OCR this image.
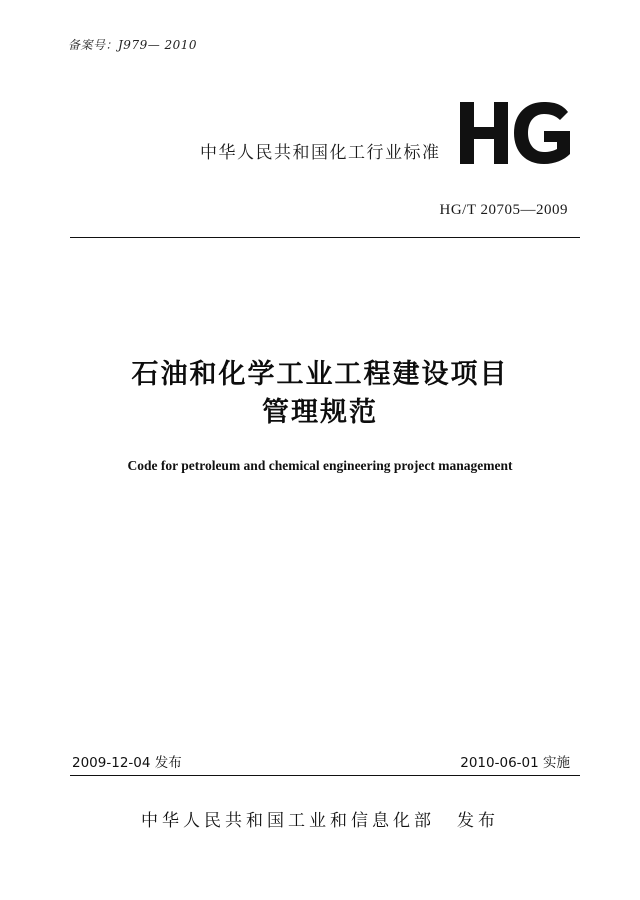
备案号：J979— 2010
中华人民共和国化工行业标准
HG/T 20705—2009
石油和化学工业工程建设项目
管理规范
Code for petroleum and chemical engineering project management
2009-12-04 发布	2010-06-01 实施
中华人民共和国工业和信息化部 发布
